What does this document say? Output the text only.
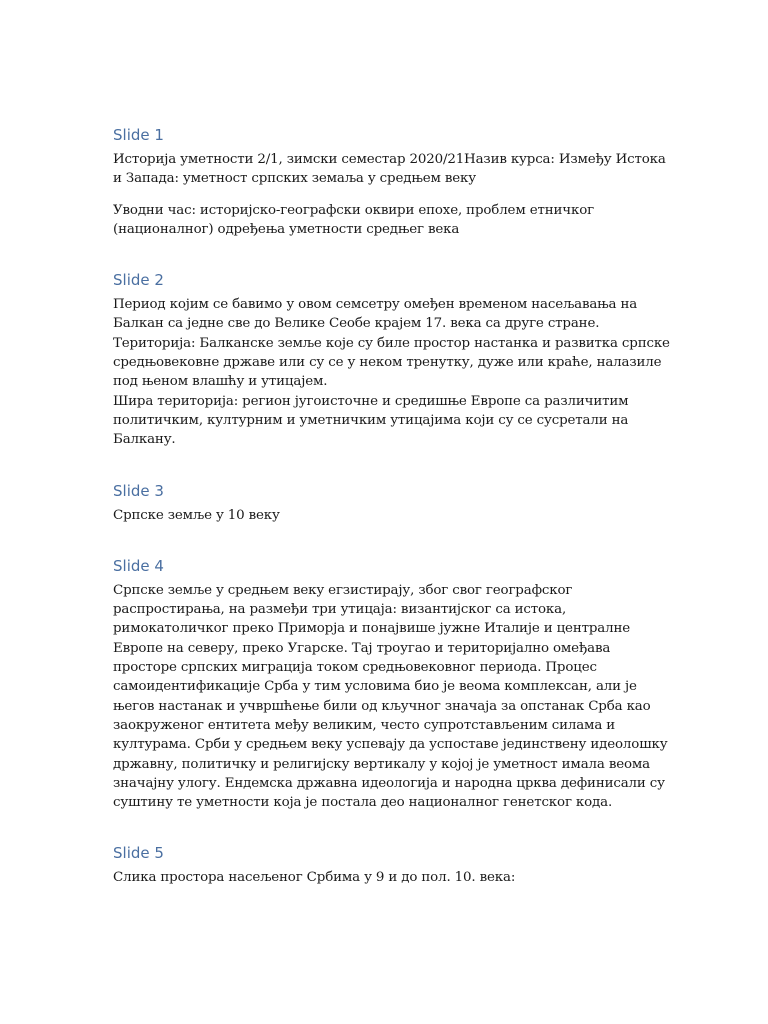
Slide 1

Историја уметности 2/1, зимски семестар 2020/21Назив курса: Између Истока и Запада: уметност српских земаља у средњем веку

Уводни час: историјско-географски оквири епохе, проблем етничког (националног) одређења уметности средњег века

Slide 2

Период којим се бавимо у овом семсетру омеђен временом насељавања на Балкан са једне све до Велике Сеобе крајем 17. века са друге стране.

Територија: Балканске земље које су биле простор настанка и развитка српске средњовековне државе или су се у неком тренутку, дуже или краће, налазиле под њеном влашћу и утицајем.

Шира територија: регион југоисточне и средишње Европе са различитим политичким, културним и уметничким утицајима који су се сусретали на Балкану.

Slide 3

Српске земље у 10 веку

Slide 4

Српске земље у средњем веку егзистирају, због свог географског распростирања, на размеђи три утицаја: византијског са истока, римокатоличког преко Приморја и понајвише јужне Италије и централне Европе на северу, преко Угарске. Тај троугао и територијално омеђава просторе српских миграција током средњовековног периода. Процес самоидентификације Срба у тим условима био је веома комплексан, али је његов настанак и учвршћење били од кључног значаја за опстанак Срба као заокруженог ентитета међу великим, често супротстављеним силама и културама. Срби у средњем веку успевају да успоставе јединствену идеолошку државну, политичку и религијску вертикалу у којој је уметност имала веома значајну улогу. Ендемска државна идеологија и народна црква дефинисали су суштину те уметности која је постала део националног генетског кода.

Slide 5

Слика простора насељеног Србима у 9 и до пол. 10. века:
